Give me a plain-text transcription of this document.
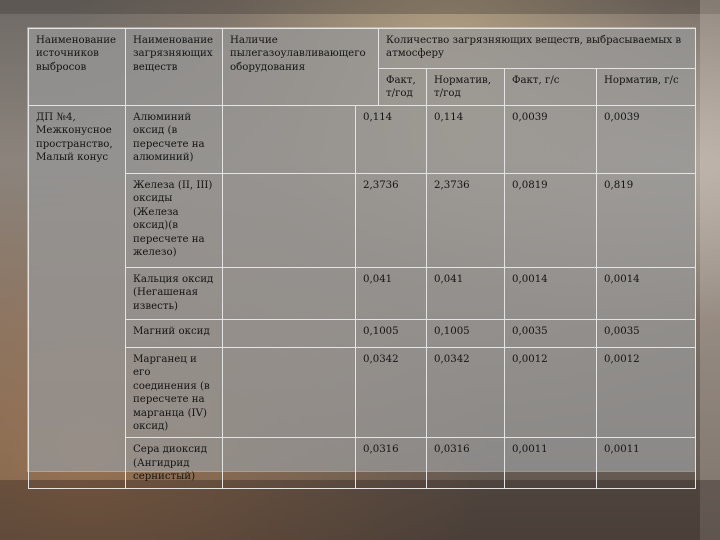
Наименование источников выбросов	Наименование загрязняющих веществ	Наличие пылегазоулавливающего оборудования		Количество загрязняющих веществ, выбрасываемых в атмосферу			
				Факт, т/год	Норматив, т/год	Факт, г/с	Норматив, г/с
ДП №4, Межконусное пространство, Малый конус	Алюминий оксид (в пересчете на алюминий)		0,114		0,114	0,0039	0,0039
	Железа (II, III) оксиды (Железа оксид)(в пересчете на железо)		2,3736		2,3736	0,0819	0,819
	Кальция оксид (Негашеная известь)		0,041		0,041	0,0014	0,0014
	Магний оксид		0,1005		0,1005	0,0035	0,0035
	Марганец и его соединения (в пересчете на марганца (IV) оксид)		0,0342		0,0342	0,0012	0,0012
	Сера диоксид (Ангидрид сернистый)		0,0316		0,0316	0,0011	0,0011
